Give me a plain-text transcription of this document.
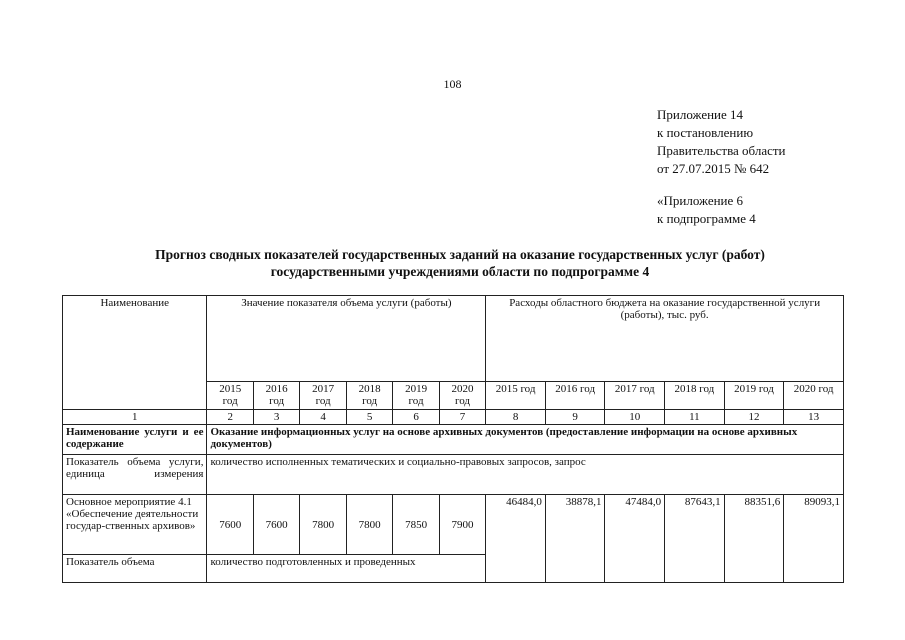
108
Приложение 14
к постановлению
Правительства области
от 27.07.2015 № 642
«Приложение 6
к подпрограмме 4
Прогноз сводных показателей государственных заданий на оказание государственных услуг (работ)
государственными учреждениями области по подпрограмме 4
Наименование	Значение показателя объема услуги (работы)						Расходы областного бюджета на оказание государственной услуги (работы), тыс. руб.					
	2015 год	2016 год	2017 год	2018 год	2019 год	2020 год	2015 год	2016 год	2017 год	2018 год	2019 год	2020 год
1	2	3	4	5	6	7	8	9	10	11	12	13
Наименование услуги и ее содержание	Оказание информационных услуг на основе архивных документов (предоставление информации на основе архивных документов)											
Показатель объема услуги, единица измерения	количество исполненных тематических и социально-правовых запросов, запрос											
Основное мероприятие 4.1 «Обеспечение деятельности государ-ственных архивов»	7600	7600	7800	7800	7850	7900	46484,0	38878,1	47484,0	87643,1	88351,6	89093,1
Показатель объема	количество подготовленных и проведенных											
